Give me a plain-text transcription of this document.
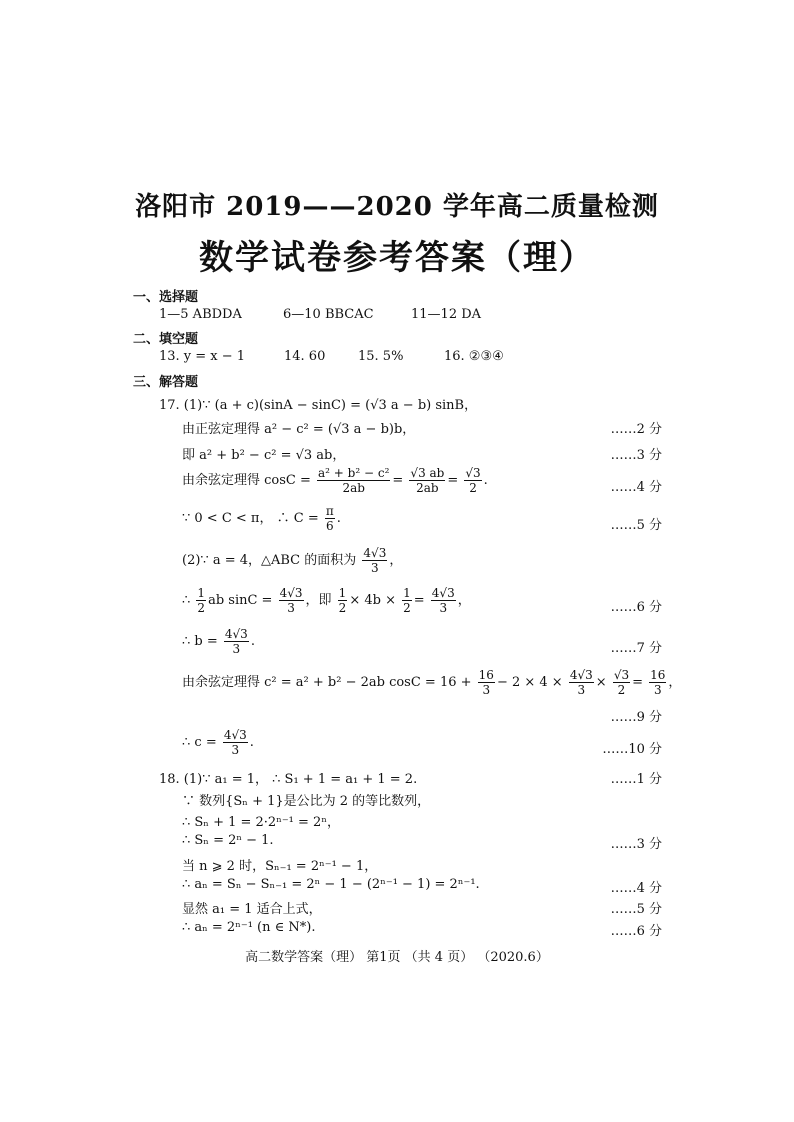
洛阳市 2019——2020 学年高二质量检测
数学试卷参考答案（理）
一、选择题
1—5 ABDDA	6—10 BBCAC	11—12 DA
二、填空题
13. y = x − 1	14. 60	15. 5%	16. ②③④
三、解答题
17. (1)∵ (a + c)(sinA − sinC) = (√3 a − b) sinB，
由正弦定理得 a² − c² = (√3 a − b)b，	……2 分
即 a² + b² − c² = √3 ab，	……3 分
由余弦定理得 $\cos C = \frac{\text{a² + b² − c²}}{2ab} = \frac{√3 ab}{2ab} = \frac{√3}{2}$ .	……4 分
∵ 0 < C < π， ∴ $C = \frac{\pi}{6}$ .	……5 分
(2)∵ a = 4，△ABC 的面积为 $\frac{4√3}{3}$ ，
∴ $\frac{1}{2}$ ab $\sin C = \frac{4√3}{3}$ ，即 $\frac{1}{2} \times 4b \times \frac{1}{2} = \frac{4√3}{3}$ ，	……6 分
∴ $b = \frac{4√3}{3}$ .	……7 分
由余弦定理得 c² = a² + b² − 2ab $\cos C = 16 + \frac{16}{3} - 2 \times 4 \times \frac{4√3}{3} \times \frac{√3}{2} = \frac{16}{3}$ ，
……9 分
∴ $c = \frac{4√3}{3}$ .	……10 分
18. (1)∵ a₁ = 1， ∴ S₁ + 1 = a₁ + 1 = 2.	……1 分
∵ 数列{Sₙ + 1}是公比为 2 的等比数列，
∴ Sₙ + 1 = 2·2ⁿ⁻¹ = 2ⁿ，
∴ Sₙ = 2ⁿ − 1.	……3 分
当 n ⩾ 2 时，Sₙ₋₁ = 2ⁿ⁻¹ − 1，
∴ aₙ = Sₙ − Sₙ₋₁ = 2ⁿ − 1 − (2ⁿ⁻¹ − 1) = 2ⁿ⁻¹.	……4 分
显然 a₁ = 1 适合上式，	……5 分
∴ aₙ = 2ⁿ⁻¹ (n ∈ N*).	……6 分
高二数学答案（理） 第1页 （共 4 页） （2020.6）
